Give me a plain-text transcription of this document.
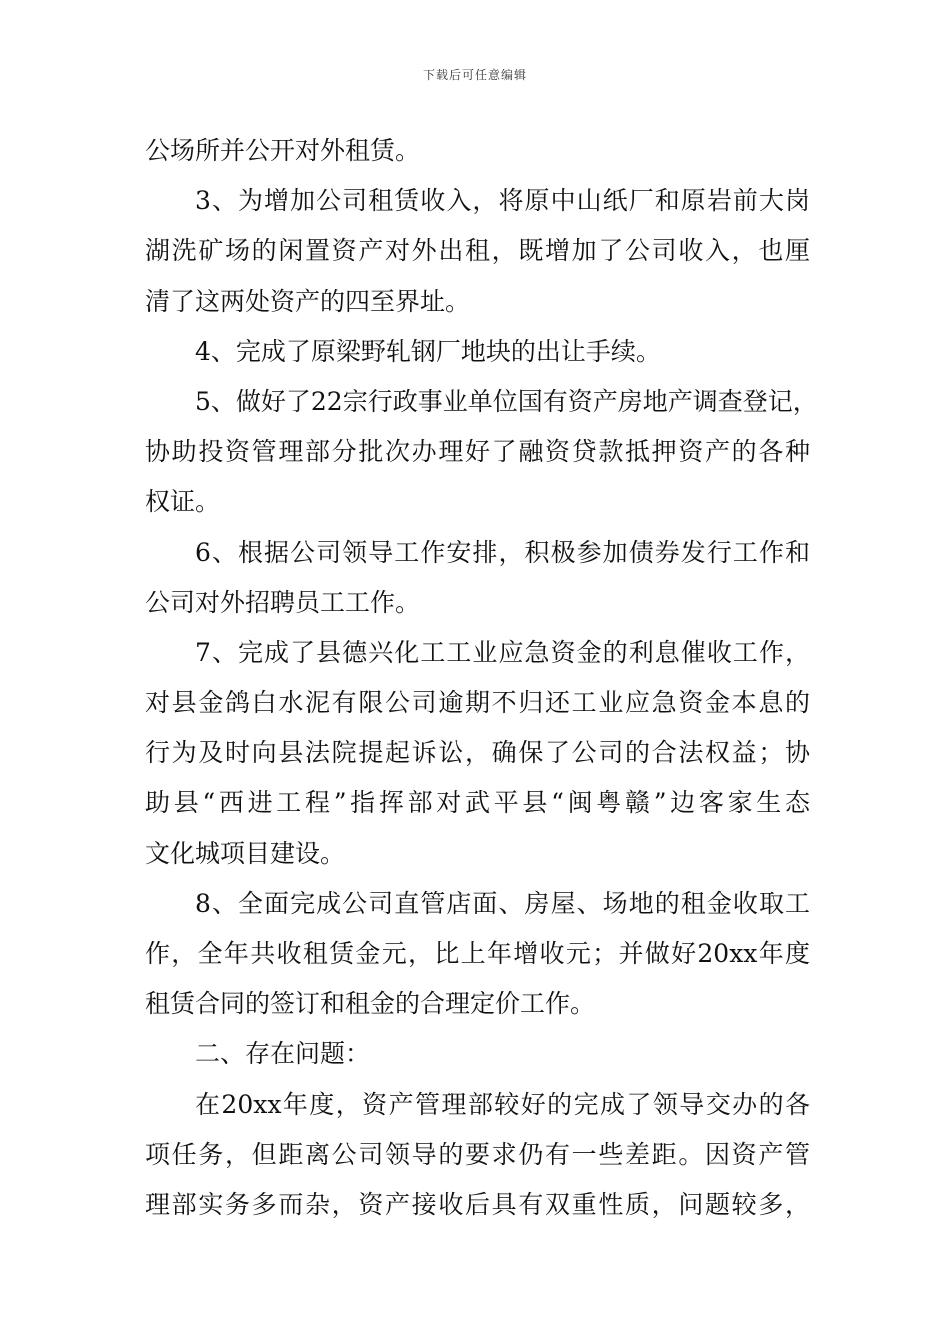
下载后可任意编辑
公场所并公开对外租赁。
3、为增加公司租赁收入，将原中山纸厂和原岩前大岗
湖洗矿场的闲置资产对外出租，既增加了公司收入，也厘
清了这两处资产的四至界址。
4、完成了原梁野轧钢厂地块的出让手续。
5、做好了22宗行政事业单位国有资产房地产调查登记，
协助投资管理部分批次办理好了融资贷款抵押资产的各种
权证。
6、根据公司领导工作安排，积极参加债券发行工作和
公司对外招聘员工工作。
7、完成了县德兴化工工业应急资金的利息催收工作，
对县金鸽白水泥有限公司逾期不归还工业应急资金本息的
行为及时向县法院提起诉讼，确保了公司的合法权益；协
助县“西进工程”指挥部对武平县“闽粤赣”边客家生态
文化城项目建设。
8、全面完成公司直管店面、房屋、场地的租金收取工
作，全年共收租赁金元，比上年增收元；并做好20xx年度
租赁合同的签订和租金的合理定价工作。
二、存在问题：
在20xx年度，资产管理部较好的完成了领导交办的各
项任务，但距离公司领导的要求仍有一些差距。因资产管
理部实务多而杂，资产接收后具有双重性质，问题较多，
